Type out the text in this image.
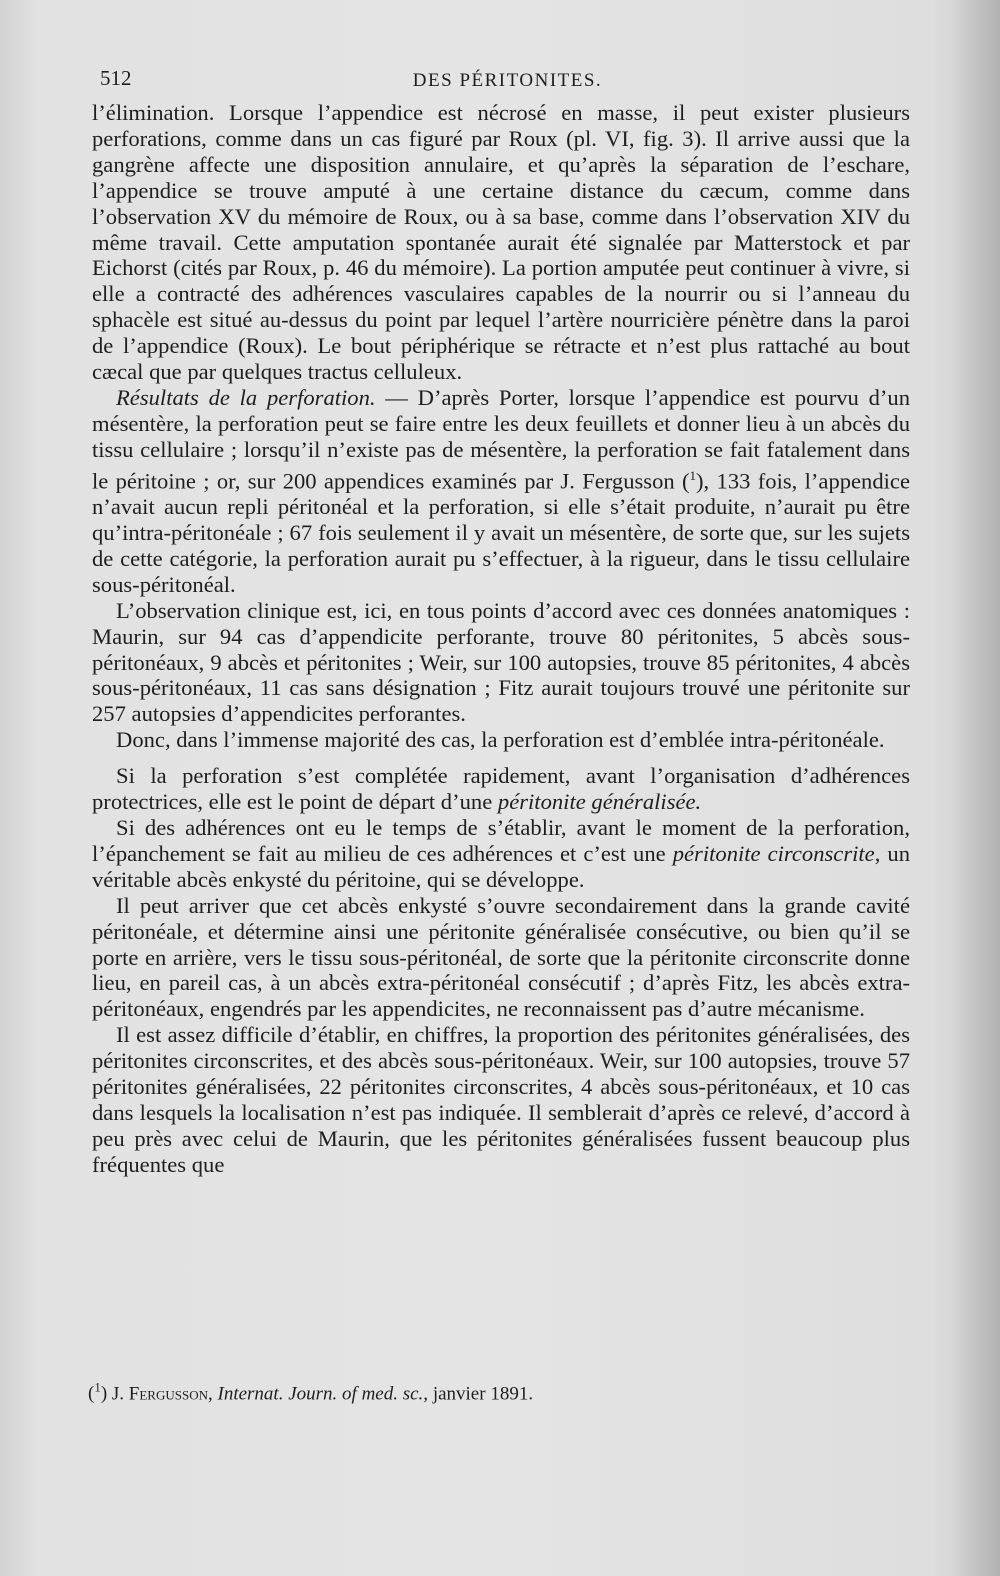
512	DES PÉRITONITES.

l’élimination. Lorsque l’appendice est nécrosé en masse, il peut exister plusieurs perforations, comme dans un cas figuré par Roux (pl. VI, fig. 3). Il arrive aussi que la gangrène affecte une disposition annulaire, et qu’après la séparation de l’eschare, l’appendice se trouve amputé à une certaine distance du cæcum, comme dans l’observation XV du mémoire de Roux, ou à sa base, comme dans l’observation XIV du même travail. Cette amputation spontanée aurait été signalée par Matterstock et par Eichorst (cités par Roux, p. 46 du mémoire). La portion amputée peut continuer à vivre, si elle a contracté des adhérences vasculaires capables de la nourrir ou si l’anneau du sphacèle est situé au-dessus du point par lequel l’artère nourricière pénètre dans la paroi de l’appendice (Roux). Le bout périphérique se rétracte et n’est plus rattaché au bout cæcal que par quelques tractus celluleux.

Résultats de la perforation. — D’après Porter, lorsque l’appendice est pourvu d’un mésentère, la perforation peut se faire entre les deux feuillets et donner lieu à un abcès du tissu cellulaire ; lorsqu’il n’existe pas de mésentère, la perforation se fait fatalement dans le péritoine ; or, sur 200 appendices examinés par J. Fergusson ($^1$), 133 fois, l’appendice n’avait aucun repli péritonéal et la perforation, si elle s’était produite, n’aurait pu être qu’intra-péritonéale ; 67 fois seulement il y avait un mésentère, de sorte que, sur les sujets de cette catégorie, la perforation aurait pu s’effectuer, à la rigueur, dans le tissu cellulaire sous-péritonéal.

L’observation clinique est, ici, en tous points d’accord avec ces données anatomiques : Maurin, sur 94 cas d’appendicite perforante, trouve 80 péritonites, 5 abcès sous-péritonéaux, 9 abcès et péritonites ; Weir, sur 100 autopsies, trouve 85 péritonites, 4 abcès sous-péritonéaux, 11 cas sans désignation ; Fitz aurait toujours trouvé une péritonite sur 257 autopsies d’appendicites perforantes.

Donc, dans l’immense majorité des cas, la perforation est d’emblée intra-péritonéale.

Si la perforation s’est complétée rapidement, avant l’organisation d’adhérences protectrices, elle est le point de départ d’une péritonite généralisée.

Si des adhérences ont eu le temps de s’établir, avant le moment de la perforation, l’épanchement se fait au milieu de ces adhérences et c’est une péritonite circonscrite, un véritable abcès enkysté du péritoine, qui se développe.

Il peut arriver que cet abcès enkysté s’ouvre secondairement dans la grande cavité péritonéale, et détermine ainsi une péritonite généralisée consécutive, ou bien qu’il se porte en arrière, vers le tissu sous-péritonéal, de sorte que la péritonite circonscrite donne lieu, en pareil cas, à un abcès extra-péritonéal consécutif ; d’après Fitz, les abcès extra-péritonéaux, engendrés par les appendicites, ne reconnaissent pas d’autre mécanisme.

Il est assez difficile d’établir, en chiffres, la proportion des péritonites généralisées, des péritonites circonscrites, et des abcès sous-péritonéaux. Weir, sur 100 autopsies, trouve 57 péritonites généralisées, 22 péritonites circonscrites, 4 abcès sous-péritonéaux, et 10 cas dans lesquels la localisation n’est pas indiquée. Il semblerait d’après ce relevé, d’accord à peu près avec celui de Maurin, que les péritonites généralisées fussent beaucoup plus fréquentes que

($^1$) J. Fergusson, Internat. Journ. of med. sc., janvier 1891.
